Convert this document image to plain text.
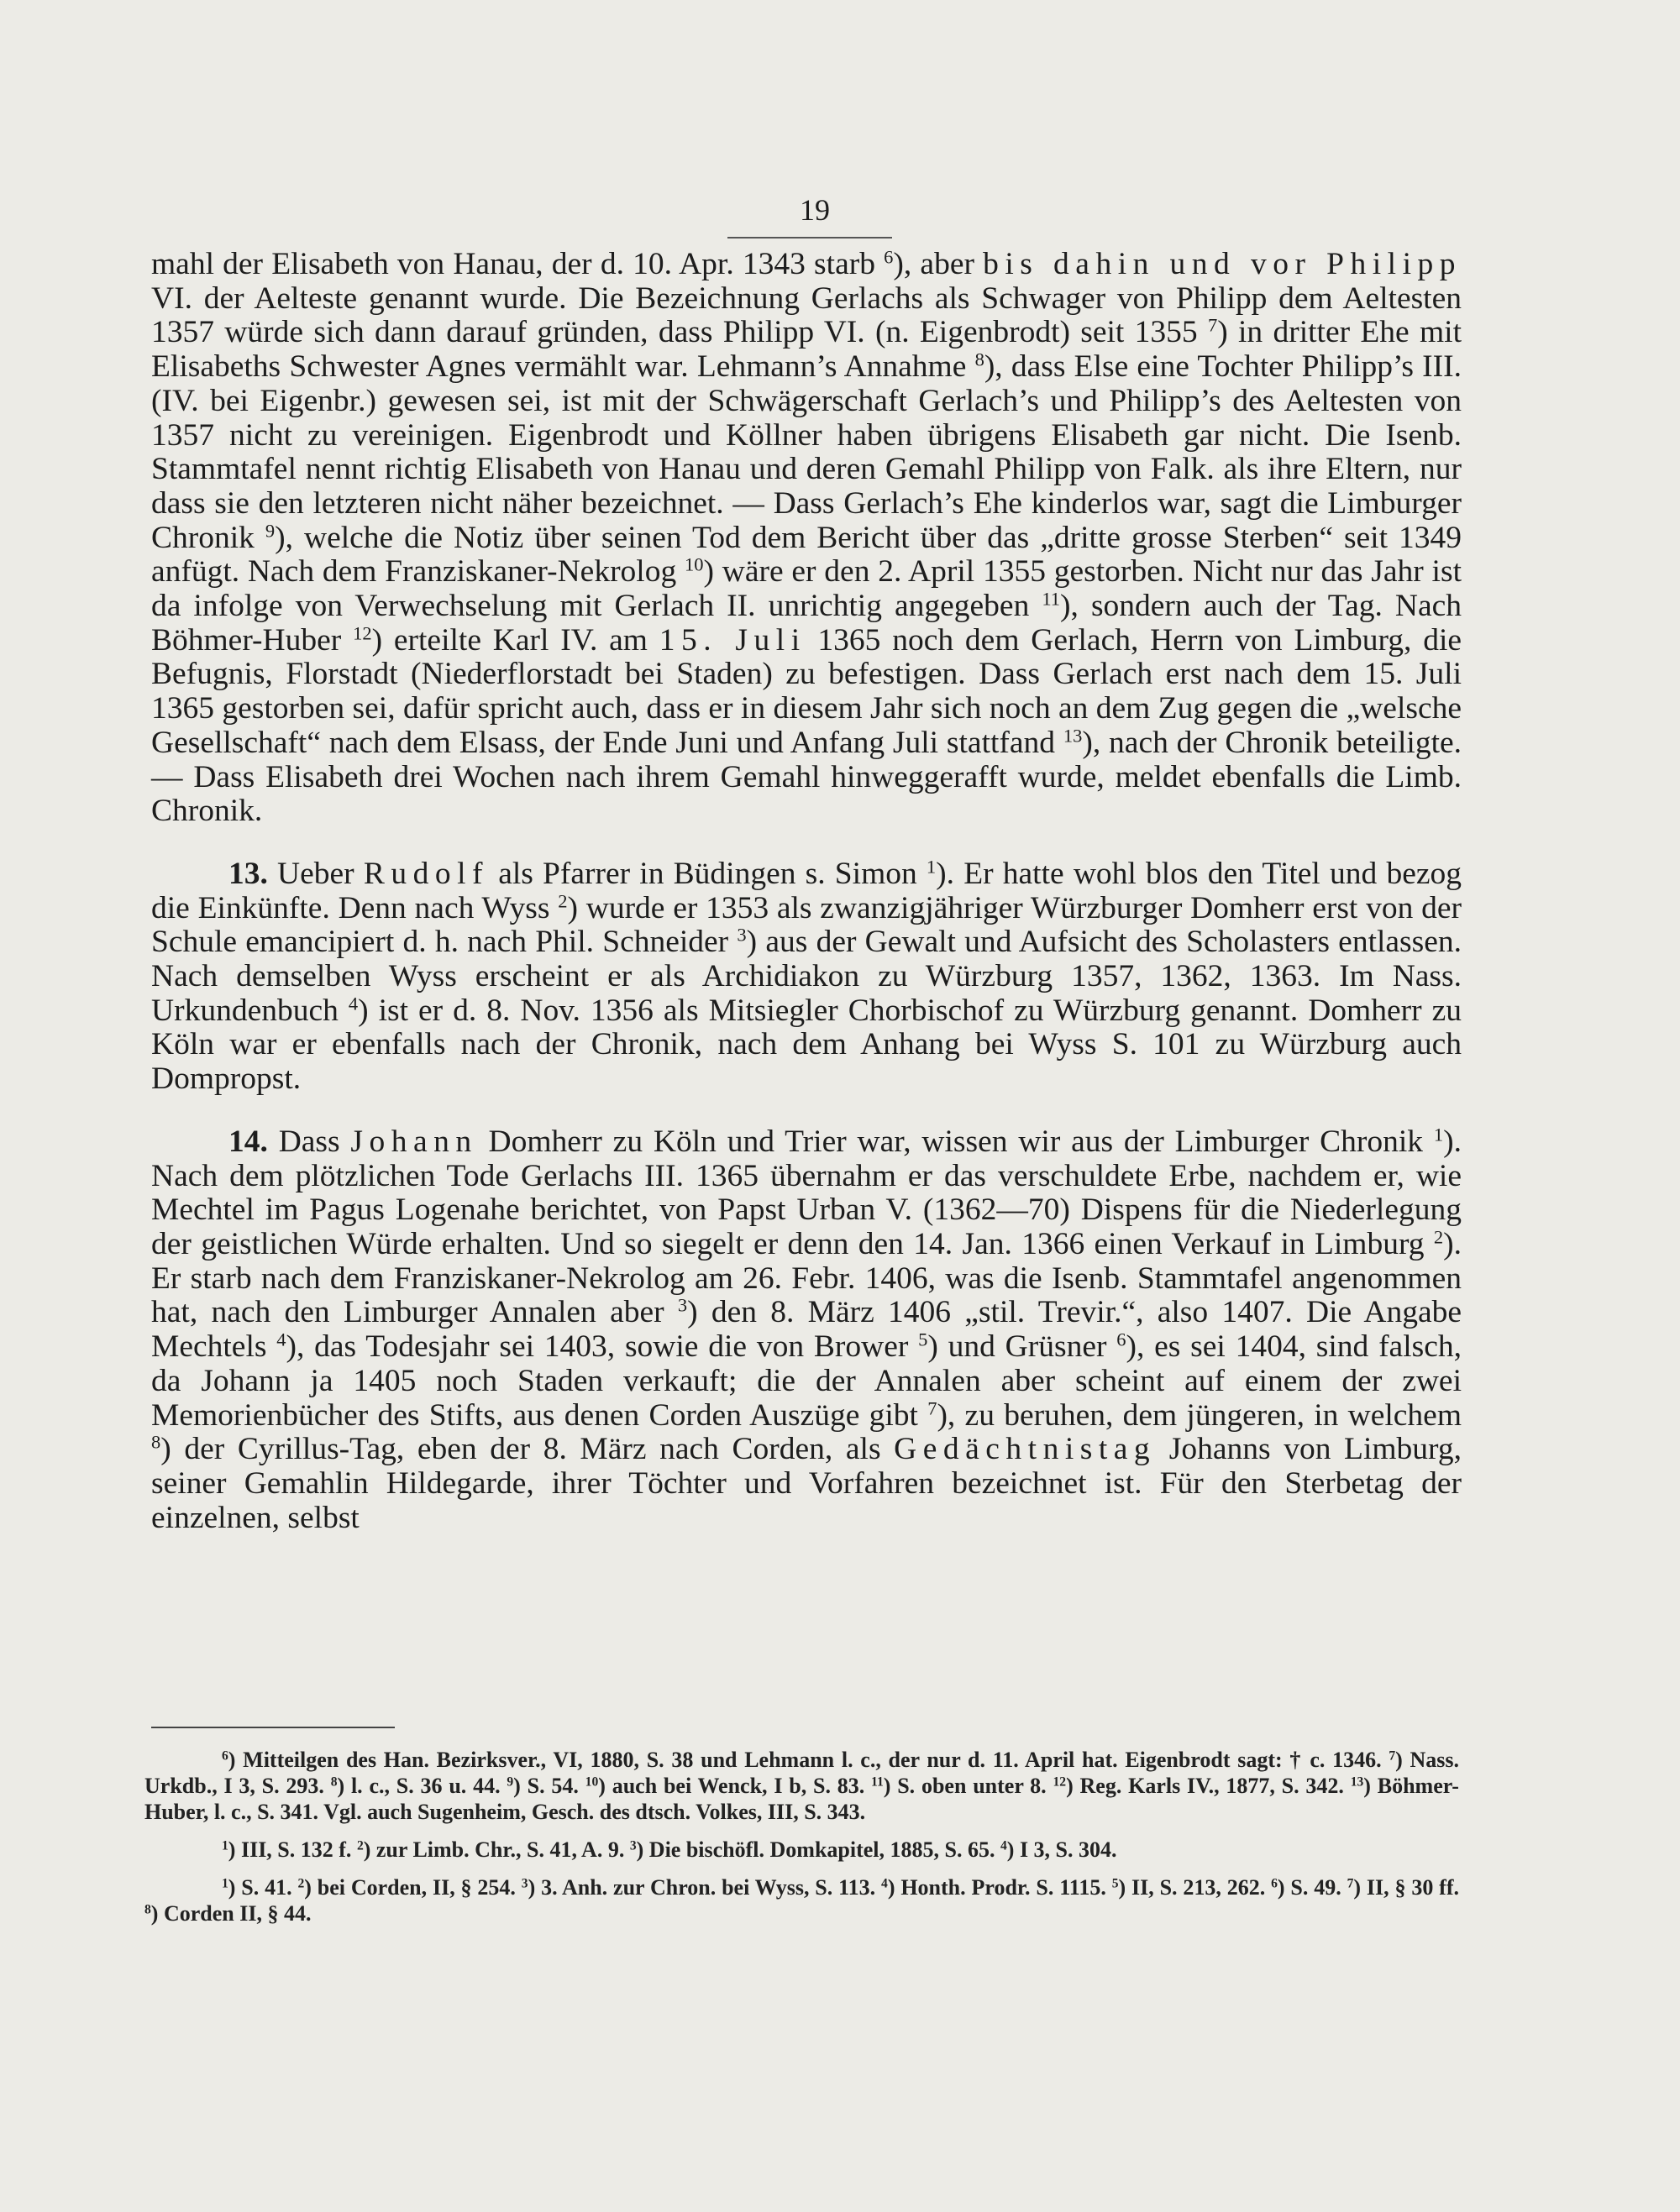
19

mahl der Elisabeth von Hanau, der d. 10. Apr. 1343 starb $^6$), aber bis dahin und vor Philipp VI. der Aelteste genannt wurde. Die Bezeichnung Gerlachs als Schwager von Philipp dem Aeltesten 1357 würde sich dann darauf gründen, dass Philipp VI. (n. Eigenbrodt) seit 1355 $^7$) in dritter Ehe mit Elisabeths Schwester Agnes vermählt war. Lehmann’s Annahme $^8$), dass Else eine Tochter Philipp’s III. (IV. bei Eigenbr.) gewesen sei, ist mit der Schwägerschaft Gerlach’s und Philipp’s des Aeltesten von 1357 nicht zu vereinigen. Eigenbrodt und Köllner haben übrigens Elisabeth gar nicht. Die Isenb. Stammtafel nennt richtig Elisabeth von Hanau und deren Gemahl Philipp von Falk. als ihre Eltern, nur dass sie den letzteren nicht näher bezeichnet. — Dass Gerlach’s Ehe kinderlos war, sagt die Limburger Chronik $^9$), welche die Notiz über seinen Tod dem Bericht über das „dritte grosse Sterben“ seit 1349 anfügt. Nach dem Franziskaner-Nekrolog $^{10}$) wäre er den 2. April 1355 gestorben. Nicht nur das Jahr ist da infolge von Verwechselung mit Gerlach II. unrichtig angegeben $^{11}$), sondern auch der Tag. Nach Böhmer-Huber $^{12}$) erteilte Karl IV. am 15. Juli 1365 noch dem Gerlach, Herrn von Limburg, die Befugnis, Florstadt (Niederflorstadt bei Staden) zu befestigen. Dass Gerlach erst nach dem 15. Juli 1365 gestorben sei, dafür spricht auch, dass er in diesem Jahr sich noch an dem Zug gegen die „welsche Gesellschaft“ nach dem Elsass, der Ende Juni und Anfang Juli stattfand $^{13}$), nach der Chronik beteiligte. — Dass Elisabeth drei Wochen nach ihrem Gemahl hinweggerafft wurde, meldet ebenfalls die Limb. Chronik.

13. Ueber Rudolf als Pfarrer in Büdingen s. Simon $^1$). Er hatte wohl blos den Titel und bezog die Einkünfte. Denn nach Wyss $^2$) wurde er 1353 als zwanzigjähriger Würzburger Domherr erst von der Schule emancipiert d. h. nach Phil. Schneider $^3$) aus der Gewalt und Aufsicht des Scholasters entlassen. Nach demselben Wyss erscheint er als Archidiakon zu Würzburg 1357, 1362, 1363. Im Nass. Urkundenbuch $^4$) ist er d. 8. Nov. 1356 als Mitsiegler Chorbischof zu Würzburg genannt. Domherr zu Köln war er ebenfalls nach der Chronik, nach dem Anhang bei Wyss S. 101 zu Würzburg auch Dompropst.

14. Dass Johann Domherr zu Köln und Trier war, wissen wir aus der Limburger Chronik $^1$). Nach dem plötzlichen Tode Gerlachs III. 1365 übernahm er das verschuldete Erbe, nachdem er, wie Mechtel im Pagus Logenahe berichtet, von Papst Urban V. (1362—70) Dispens für die Niederlegung der geistlichen Würde erhalten. Und so siegelt er denn den 14. Jan. 1366 einen Verkauf in Limburg $^2$). Er starb nach dem Franziskaner-Nekrolog am 26. Febr. 1406, was die Isenb. Stammtafel angenommen hat, nach den Limburger Annalen aber $^3$) den 8. März 1406 „stil. Trevir.“, also 1407. Die Angabe Mechtels $^4$), das Todesjahr sei 1403, sowie die von Brower $^5$) und Grüsner $^6$), es sei 1404, sind falsch, da Johann ja 1405 noch Staden verkauft; die der Annalen aber scheint auf einem der zwei Memorienbücher des Stifts, aus denen Corden Auszüge gibt $^7$), zu beruhen, dem jüngeren, in welchem $^8$) der Cyrillus-Tag, eben der 8. März nach Corden, als Gedächtnistag Johanns von Limburg, seiner Gemahlin Hildegarde, ihrer Töchter und Vorfahren bezeichnet ist. Für den Sterbetag der einzelnen, selbst

$^6$) Mitteilgen des Han. Bezirksver., VI, 1880, S. 38 und Lehmann l. c., der nur d. 11. April hat. Eigenbrodt sagt: † c. 1346. $^7$) Nass. Urkdb., I 3, S. 293. $^8$) l. c., S. 36 u. 44. $^9$) S. 54. $^{10}$) auch bei Wenck, I b, S. 83. $^{11}$) S. oben unter 8. $^{12}$) Reg. Karls IV., 1877, S. 342. $^{13}$) Böhmer-Huber, l. c., S. 341. Vgl. auch Sugenheim, Gesch. des dtsch. Volkes, III, S. 343.

$^1$) III, S. 132 f. $^2$) zur Limb. Chr., S. 41, A. 9. $^3$) Die bischöfl. Domkapitel, 1885, S. 65. $^4$) I 3, S. 304.

$^1$) S. 41. $^2$) bei Corden, II, § 254. $^3$) 3. Anh. zur Chron. bei Wyss, S. 113. $^4$) Honth. Prodr. S. 1115. $^5$) II, S. 213, 262. $^6$) S. 49. $^7$) II, § 30 ff. $^8$) Corden II, § 44.
